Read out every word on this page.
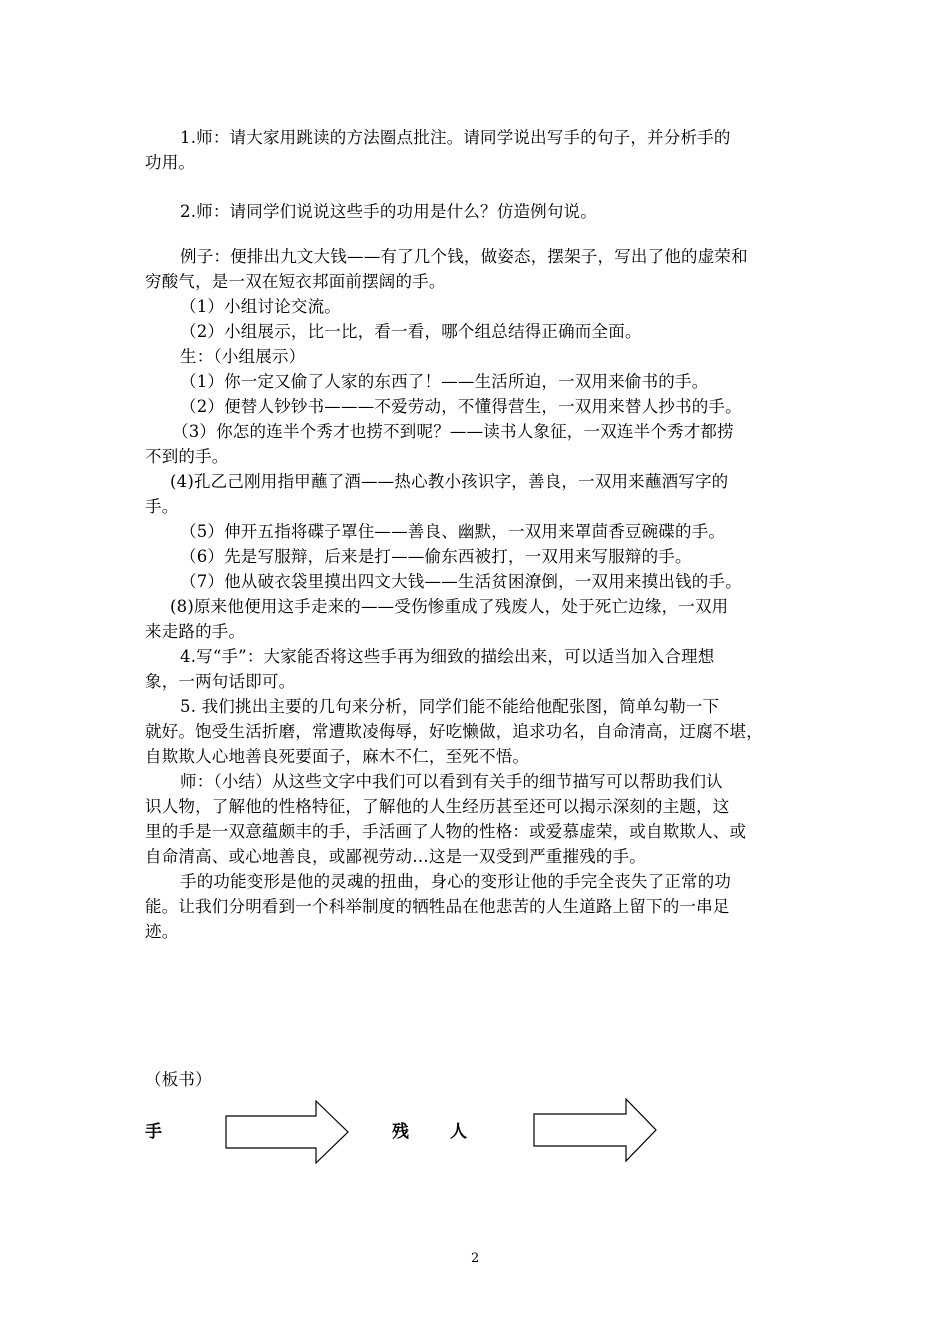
1.师：请大家用跳读的方法圈点批注。请同学说出写手的句子，并分析手的
功用。
2.师：请同学们说说这些手的功用是什么？仿造例句说。
例子：便排出九文大钱——有了几个钱，做姿态，摆架子，写出了他的虚荣和
穷酸气，是一双在短衣邦面前摆阔的手。
（1）小组讨论交流。
（2）小组展示，比一比，看一看，哪个组总结得正确而全面。
生：（小组展示）
（1）你一定又偷了人家的东西了！——生活所迫，一双用来偷书的手。
（2）便替人钞钞书———不爱劳动，不懂得营生，一双用来替人抄书的手。
（3）你怎的连半个秀才也捞不到呢？——读书人象征，一双连半个秀才都捞
不到的手。
(4)孔乙己刚用指甲蘸了酒——热心教小孩识字，善良，一双用来蘸酒写字的
手。
（5）伸开五指将碟子罩住——善良、幽默，一双用来罩茴香豆碗碟的手。
（6）先是写服辩，后来是打——偷东西被打，一双用来写服辩的手。
（7）他从破衣袋里摸出四文大钱——生活贫困潦倒，一双用来摸出钱的手。
(8)原来他便用这手走来的——受伤惨重成了残废人，处于死亡边缘，一双用
来走路的手。
4.写“手”：大家能否将这些手再为细致的描绘出来，可以适当加入合理想
象，一两句话即可。
5. 我们挑出主要的几句来分析，同学们能不能给他配张图，简单勾勒一下
就好。饱受生活折磨，常遭欺凌侮辱，好吃懒做，追求功名，自命清高，迂腐不堪，
自欺欺人心地善良死要面子，麻木不仁，至死不悟。
师：（小结）从这些文字中我们可以看到有关手的细节描写可以帮助我们认
识人物，了解他的性格特征，了解他的人生经历甚至还可以揭示深刻的主题，这
里的手是一双意蕴颇丰的手，手活画了人物的性格：或爱慕虚荣，或自欺欺人、或
自命清高、或心地善良，或鄙视劳动…这是一双受到严重摧残的手。
手的功能变形是他的灵魂的扭曲，身心的变形让他的手完全丧失了正常的功
能。让我们分明看到一个科举制度的牺牲品在他悲苦的人生道路上留下的一串足
迹。
（板书）
手	残 人
2
